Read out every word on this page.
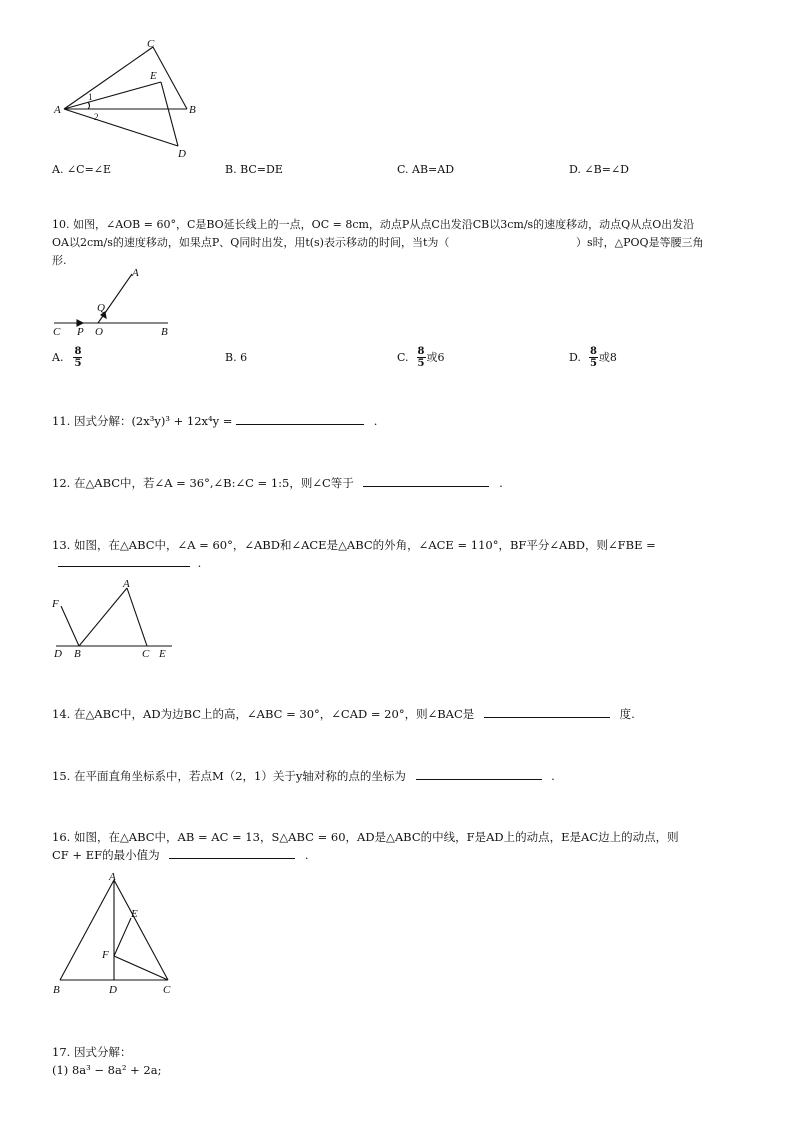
C
E
A	B
D
1
2
A. ∠C=∠E	B. BC=DE	C. AB=AD	D. ∠B=∠D
10. 如图，∠AOB = 60°，C是BO延长线上的一点，OC = 8cm，动点P从点C出发沿CB以3cm/s的速度移动，动点Q从点O出发沿
OA以2cm/s的速度移动，如果点P、Q同时出发，用t(s)表示移动的时间，当t为（	）s时，△POQ是等腰三角
形.
A
Q
C P O	B
A. $\frac{8}{5}$	B. 6	C. $\frac{8}{5}$ 或6	D. $\frac{8}{5}$ 或8
11. 因式分解：(2x³y)³ + 12x⁴y =	.
12. 在△ABC中，若∠A = 36°,∠B:∠C = 1:5，则∠C等于	.
13. 如图，在△ABC中，∠A = 60°，∠ABD和∠ACE是△ABC的外角，∠ACE = 110°，BF平分∠ABD，则∠FBE =
.
F
A
D B	C E
14. 在△ABC中，AD为边BC上的高，∠ABC = 30°，∠CAD = 20°，则∠BAC是	度.
15. 在平面直角坐标系中，若点M（2，1）关于y轴对称的点的坐标为	.
16. 如图，在△ABC中，AB = AC = 13，S△ABC = 60，AD是△ABC的中线，F是AD上的动点，E是AC边上的动点，则
CF + EF的最小值为	.
A
E
F
B	D	C
17. 因式分解：
(1) 8a³ − 8a² + 2a;
